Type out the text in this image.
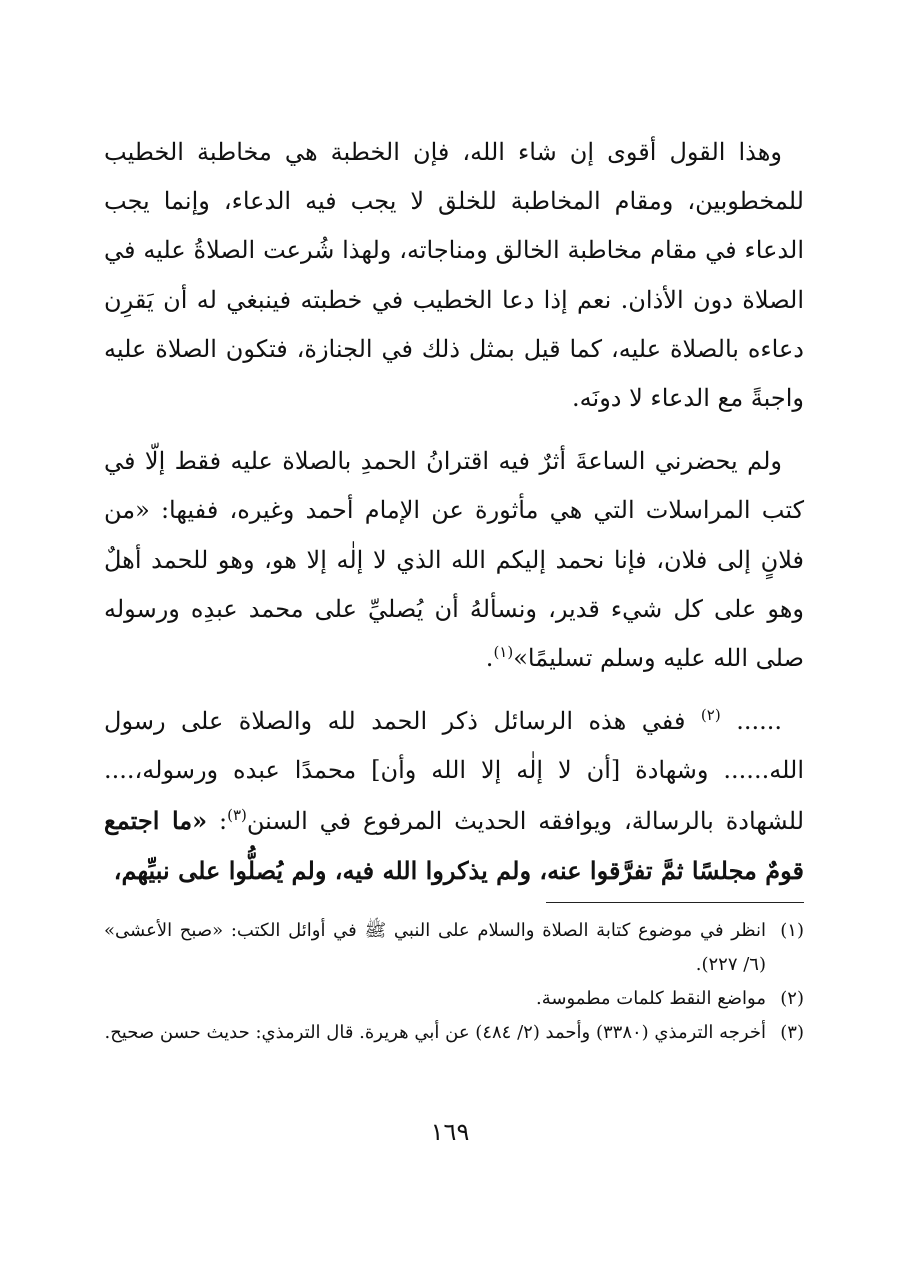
وهذا القول أقوى إن شاء الله، فإن الخطبة هي مخاطبة الخطيب للمخطوبين، ومقام المخاطبة للخلق لا يجب فيه الدعاء، وإنما يجب الدعاء في مقام مخاطبة الخالق ومناجاته، ولهذا شُرعت الصلاةُ عليه في الصلاة دون الأذان. نعم إذا دعا الخطيب في خطبته فينبغي له أن يَقرِن دعاءه بالصلاة عليه، كما قيل بمثل ذلك في الجنازة، فتكون الصلاة عليه واجبةً مع الدعاء لا دونَه.

ولم يحضرني الساعةَ أثرٌ فيه اقترانُ الحمدِ بالصلاة عليه فقط إلّا في كتب المراسلات التي هي مأثورة عن الإمام أحمد وغيره، ففيها: «من فلانٍ إلى فلان، فإنا نحمد إليكم الله الذي لا إلٰه إلا هو، وهو للحمد أهلٌ وهو على كل شيء قدير، ونسألهُ أن يُصليِّ على محمد عبدِه ورسوله صلى الله عليه وسلم تسليمًا»$^{(١)}$.

...... $^{(٢)}$ ففي هذه الرسائل ذكر الحمد لله والصلاة على رسول الله...... وشهادة [أن لا إلٰه إلا الله وأن] محمدًا عبده ورسوله،.... للشهادة بالرسالة، ويوافقه الحديث المرفوع في السنن$^{(٣)}$: «ما اجتمع قومٌ مجلسًا ثمَّ تفرَّقوا عنه، ولم يذكروا الله فيه، ولم يُصلُّوا على نبيِّهم،

(١)
انظر في موضوع كتابة الصلاة والسلام على النبي ﷺ في أوائل الكتب: «صبح الأعشى» (٦/ ٢٢٧).
(٢)
مواضع النقط كلمات مطموسة.
(٣)
أخرجه الترمذي (٣٣٨٠) وأحمد (٢/ ٤٨٤) عن أبي هريرة. قال الترمذي: حديث حسن صحيح.
١٦٩
